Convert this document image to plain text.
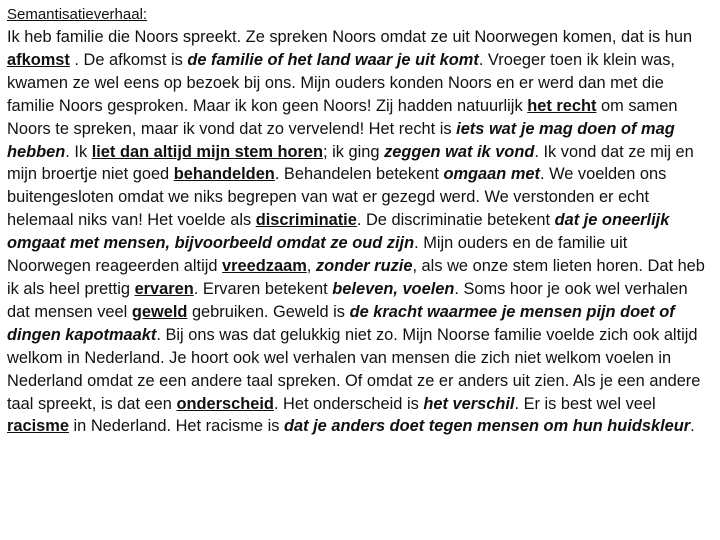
Semantisatieverhaal:

Ik heb familie die Noors spreekt. Ze spreken Noors omdat ze uit Noorwegen komen, dat is hun afkomst . De afkomst is de familie of het land waar je uit komt. Vroeger toen ik klein was, kwamen ze wel eens op bezoek bij ons. Mijn ouders konden Noors en er werd dan met die familie Noors gesproken. Maar ik kon geen Noors! Zij hadden natuurlijk het recht om samen Noors te spreken, maar ik vond dat zo vervelend! Het recht is iets wat je mag doen of mag hebben. Ik liet dan altijd mijn stem horen; ik ging zeggen wat ik vond. Ik vond dat ze mij en mijn broertje niet goed behandelden. Behandelen betekent omgaan met. We voelden ons buitengesloten omdat we niks begrepen van wat er gezegd werd. We verstonden er echt helemaal niks van! Het voelde als discriminatie. De discriminatie betekent dat je oneerlijk omgaat met mensen, bijvoorbeeld omdat ze oud zijn. Mijn ouders en de familie uit Noorwegen reageerden altijd vreedzaam, zonder ruzie, als we onze stem lieten horen. Dat heb ik als heel prettig ervaren. Ervaren betekent beleven, voelen. Soms hoor je ook wel verhalen dat mensen veel geweld gebruiken. Geweld is de kracht waarmee je mensen pijn doet of dingen kapotmaakt. Bij ons was dat gelukkig niet zo. Mijn Noorse familie voelde zich ook altijd welkom in Nederland. Je hoort ook wel verhalen van mensen die zich niet welkom voelen in Nederland omdat ze een andere taal spreken. Of omdat ze er anders uit zien. Als je een andere taal spreekt, is dat een onderscheid. Het onderscheid is het verschil. Er is best wel veel racisme in Nederland. Het racisme is dat je anders doet tegen mensen om hun huidskleur.
